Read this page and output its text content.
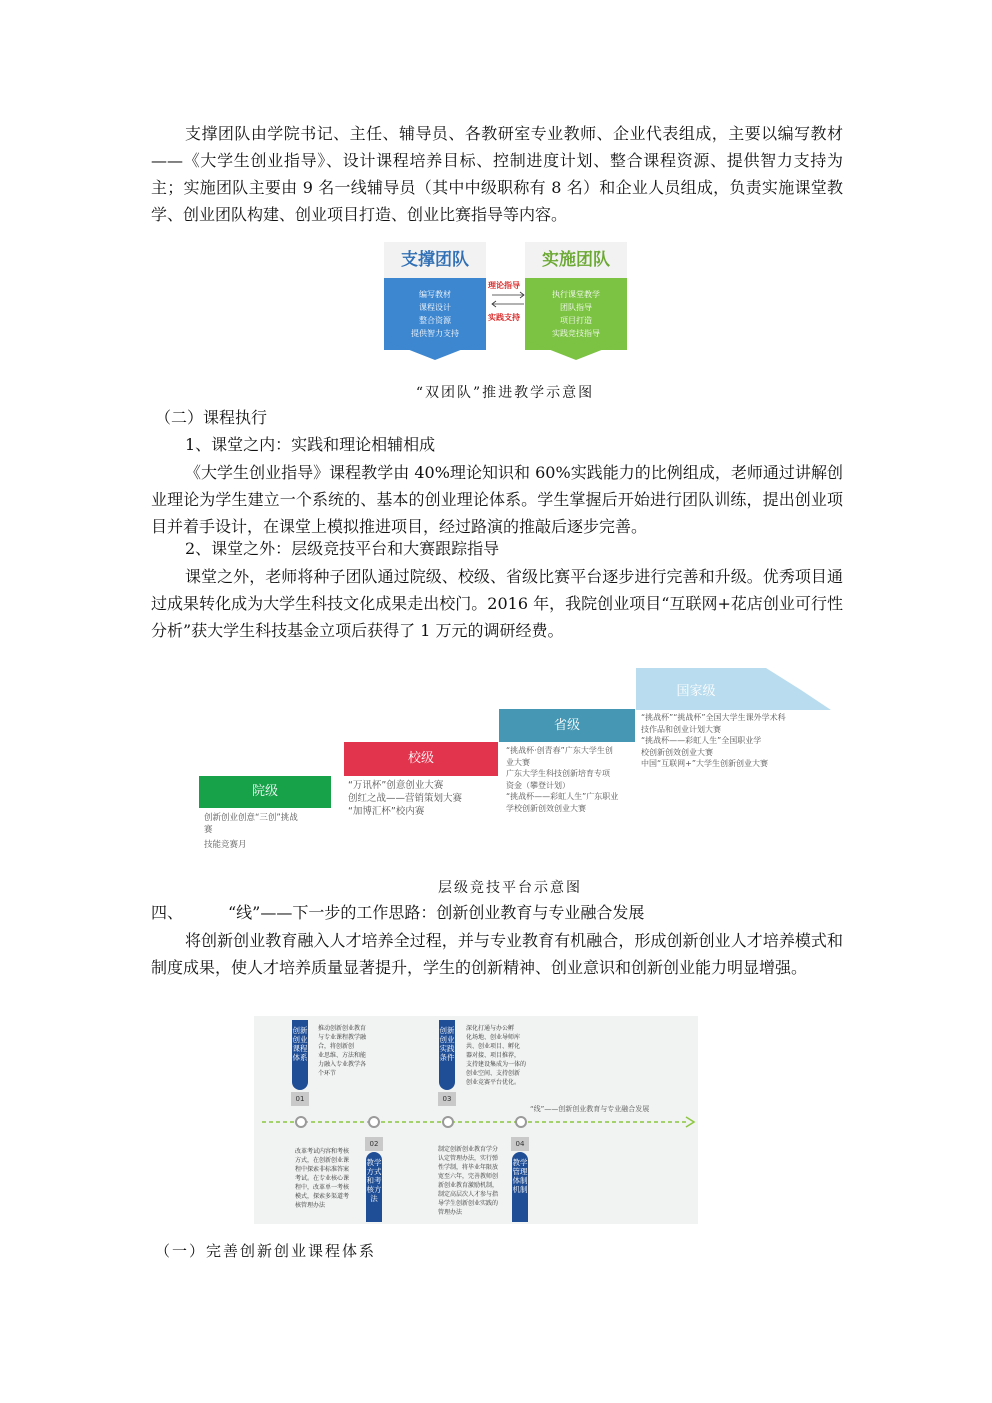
支撑团队由学院书记、主任、辅导员、各教研室专业教师、企业代表组成，主要以编写教材——《大学生创业指导》、设计课程培养目标、控制进度计划、整合课程资源、提供智力支持为主；实施团队主要由 9 名一线辅导员（其中中级职称有 8 名）和企业人员组成，负责实施课堂教学、创业团队构建、创业项目打造、创业比赛指导等内容。

支撑团队
编写教材
课程设计
整合资源
提供智力支持
理论指导
实践支持
实施团队
执行课堂教学
团队指导
项目打造
实践竞技指导
“双团队”推进教学示意图
（二）课程执行
1、课堂之内：实践和理论相辅相成

《大学生创业指导》课程教学由 40%理论知识和 60%实践能力的比例组成，老师通过讲解创业理论为学生建立一个系统的、基本的创业理论体系。学生掌握后开始进行团队训练，提出创业项目并着手设计，在课堂上模拟推进项目，经过路演的推敲后逐步完善。

2、课堂之外：层级竞技平台和大赛跟踪指导

课堂之外，老师将种子团队通过院级、校级、省级比赛平台逐步进行完善和升级。优秀项目通过成果转化成为大学生科技文化成果走出校门。2016 年，我院创业项目“互联网+花店创业可行性分析”获大学生科技基金立项后获得了 1 万元的调研经费。

院级
校级
省级
国家级
创新创业创意“三创”挑战
赛
技能竞赛月
“万讯杯”创意创业大赛
创红之战——营销策划大赛
“加博汇杯”校内赛
“挑战杯·创青春”广东大学生创
业大赛
广东大学生科技创新培育专项
资金（攀登计划）
“挑战杯——彩虹人生”广东职业
学校创新创效创业大赛
“挑战杯”“挑战杯”全国大学生课外学术科
技作品和创业计划大赛
“挑战杯——彩虹人生”全国职业学
校创新创效创业大赛
中国“互联网+”大学生创新创业大赛
层级竞技平台示意图
四、	“线”——下一步的工作思路：创新创业教育与专业融合发展

将创新创业教育融入人才培养全过程，并与专业教育有机融合，形成创新创业人才培养模式和制度成果，使人才培养质量显著提升，学生的创新精神、创业意识和创新创业能力明显增强。

“线”——创新创业教育与专业融合发展
创新创业课程体系
01
推动创新创业教育
与专业课程教学融
合，将创新创
业思维、方法和能
力融入专业教学各
个环节
02
教学方式和考核方法
改革考试内容和考核
方式，在创新创业课
程中探索非标准答案
考试。在专业核心课
程中，改革单一考核
模式，探索多渠道考
核管理办法
创新创业实践条件
03
深化打通与办公孵
化场地、创业导师库
共、创业项目、孵化
器对接、项目推荐，
支持建设集成为一体的
创业空间、支持创新
创业竞赛平台优化。
04
教学管理体制机制
制定创新创业教育学分
认定管理办法，实行弹
性学制，将毕业年限放
宽至六年，完善教师创
新创业教育激励机制，
制定高层次人才参与指
导学生创新创业实践的
管理办法
（一）完善创新创业课程体系
